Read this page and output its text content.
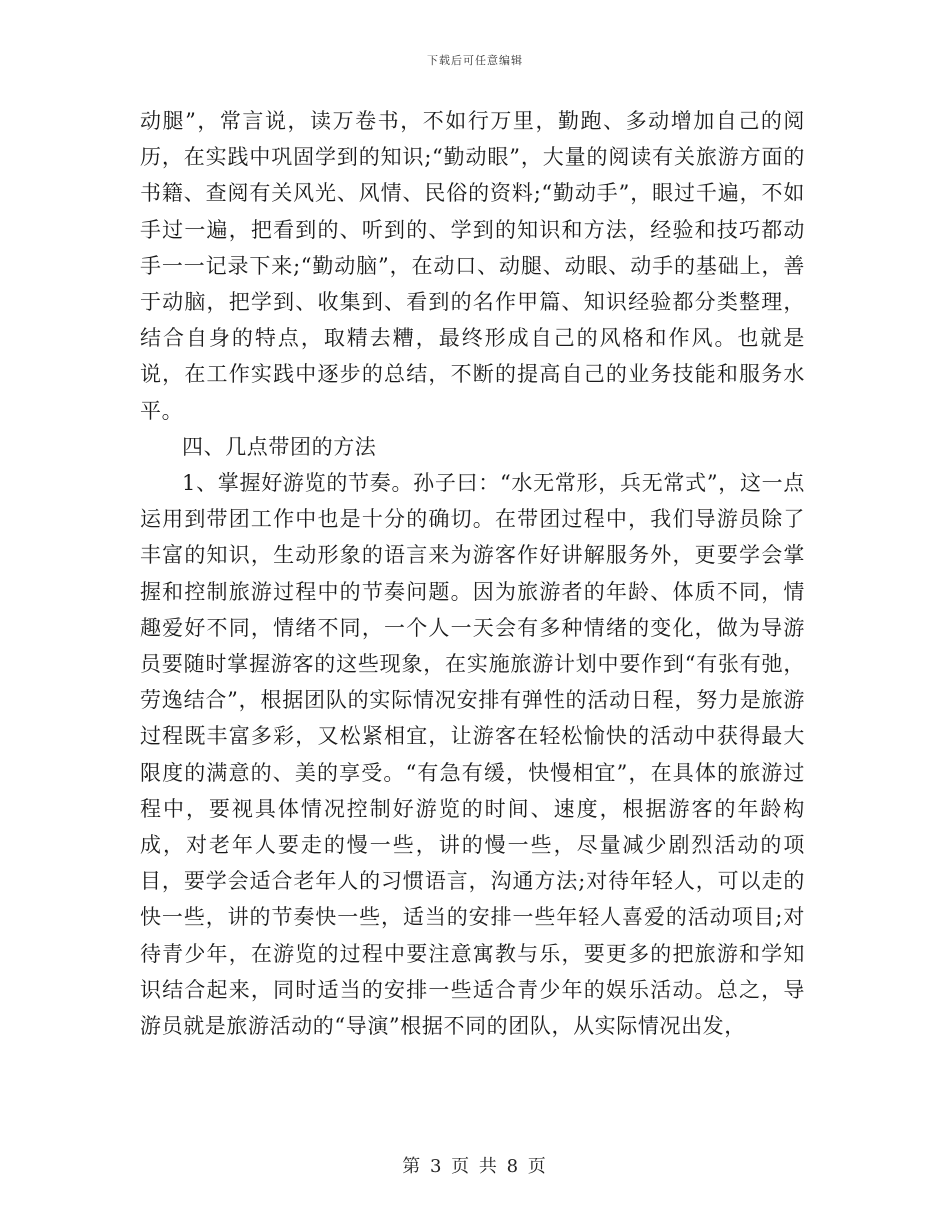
下载后可任意编辑

动腿”，常言说，读万卷书，不如行万里，勤跑、多动增加自己的阅历，在实践中巩固学到的知识;“勤动眼”，大量的阅读有关旅游方面的书籍、查阅有关风光、风情、民俗的资料;“勤动手”，眼过千遍，不如手过一遍，把看到的、听到的、学到的知识和方法，经验和技巧都动手一一记录下来;“勤动脑”，在动口、动腿、动眼、动手的基础上，善于动脑，把学到、收集到、看到的名作甲篇、知识经验都分类整理，结合自身的特点，取精去糟，最终形成自己的风格和作风。也就是说，在工作实践中逐步的总结，不断的提高自己的业务技能和服务水平。

四、几点带团的方法

1、掌握好游览的节奏。孙子曰：“水无常形，兵无常式”，这一点运用到带团工作中也是十分的确切。在带团过程中，我们导游员除了丰富的知识，生动形象的语言来为游客作好讲解服务外，更要学会掌握和控制旅游过程中的节奏问题。因为旅游者的年龄、体质不同，情趣爱好不同，情绪不同，一个人一天会有多种情绪的变化，做为导游员要随时掌握游客的这些现象，在实施旅游计划中要作到“有张有弛，劳逸结合”，根据团队的实际情况安排有弹性的活动日程，努力是旅游过程既丰富多彩，又松紧相宜，让游客在轻松愉快的活动中获得最大限度的满意的、美的享受。“有急有缓，快慢相宜”，在具体的旅游过程中，要视具体情况控制好游览的时间、速度，根据游客的年龄构成，对老年人要走的慢一些，讲的慢一些，尽量减少剧烈活动的项目，要学会适合老年人的习惯语言，沟通方法;对待年轻人，可以走的快一些，讲的节奏快一些，适当的安排一些年轻人喜爱的活动项目;对待青少年，在游览的过程中要注意寓教与乐，要更多的把旅游和学知识结合起来，同时适当的安排一些适合青少年的娱乐活动。总之，导游员就是旅游活动的“导演”根据不同的团队，从实际情况出发，

第 3 页 共 8 页
